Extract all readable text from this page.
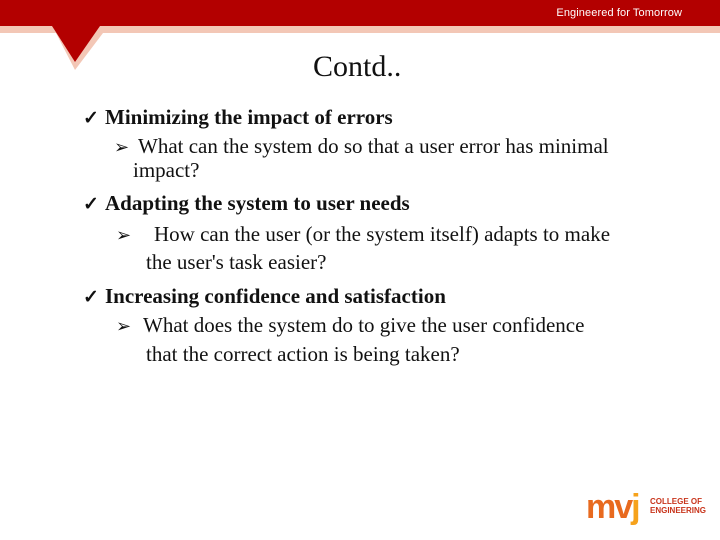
Engineered for Tomorrow
Contd..
✓ Minimizing the impact of errors
➢ What can the system do so that a user error has minimal
impact?
✓ Adapting the system to user needs
➢ How can the user (or the system itself) adapts to make
the user's task easier?
✓ Increasing confidence and satisfaction
➢ What does the system do to give the user confidence
that the correct action is being taken?
mvj COLLEGE OF
ENGINEERING
